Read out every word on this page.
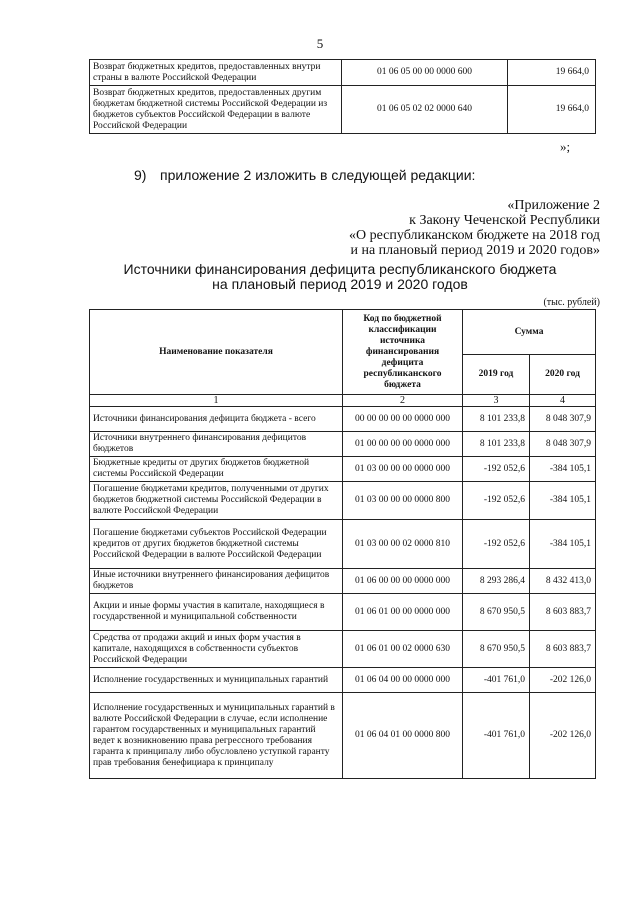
5
Возврат бюджетных кредитов, предоставленных внутри страны в валюте Российской Федерации	01 06 05 00 00 0000 600	19 664,0
Возврат бюджетных кредитов, предоставленных другим бюджетам бюджетной системы Российской Федерации из бюджетов субъектов Российской Федерации в валюте Российской Федерации	01 06 05 02 02 0000 640	19 664,0
»;
9) приложение 2 изложить в следующей редакции:
«Приложение 2
к Закону Чеченской Республики
«О республиканском бюджете на 2018 год
и на плановый период 2019 и 2020 годов»
Источники финансирования дефицита республиканского бюджета
на плановый период 2019 и 2020 годов
(тыс. рублей)
Наименование показателя	Код по бюджетной классификации источника финансирования дефицита республиканского бюджета	Сумма	
		2019 год	2020 год
1	2	3	4
Источники финансирования дефицита бюджета - всего	00 00 00 00 00 0000 000	8 101 233,8	8 048 307,9
Источники внутреннего финансирования дефицитов бюджетов	01 00 00 00 00 0000 000	8 101 233,8	8 048 307,9
Бюджетные кредиты от других бюджетов бюджетной системы Российской Федерации	01 03 00 00 00 0000 000	-192 052,6	-384 105,1
Погашение бюджетами кредитов, полученными от других бюджетов бюджетной системы Российской Федерации в валюте Российской Федерации	01 03 00 00 00 0000 800	-192 052,6	-384 105,1
Погашение бюджетами субъектов Российской Федерации кредитов от других бюджетов бюджетной системы Российской Федерации в валюте Российской Федерации	01 03 00 00 02 0000 810	-192 052,6	-384 105,1
Иные источники внутреннего финансирования дефицитов бюджетов	01 06 00 00 00 0000 000	8 293 286,4	8 432 413,0
Акции и иные формы участия в капитале, находящиеся в государственной и муниципальной собственности	01 06 01 00 00 0000 000	8 670 950,5	8 603 883,7
Средства от продажи акций и иных форм участия в капитале, находящихся в собственности субъектов Российской Федерации	01 06 01 00 02 0000 630	8 670 950,5	8 603 883,7
Исполнение государственных и муниципальных гарантий	01 06 04 00 00 0000 000	-401 761,0	-202 126,0
Исполнение государственных и муниципальных гарантий в валюте Российской Федерации в случае, если исполнение гарантом государственных и муниципальных гарантий ведет к возникновению права регрессного требования гаранта к принципалу либо обусловлено уступкой гаранту прав требования бенефициара к принципалу	01 06 04 01 00 0000 800	-401 761,0	-202 126,0
